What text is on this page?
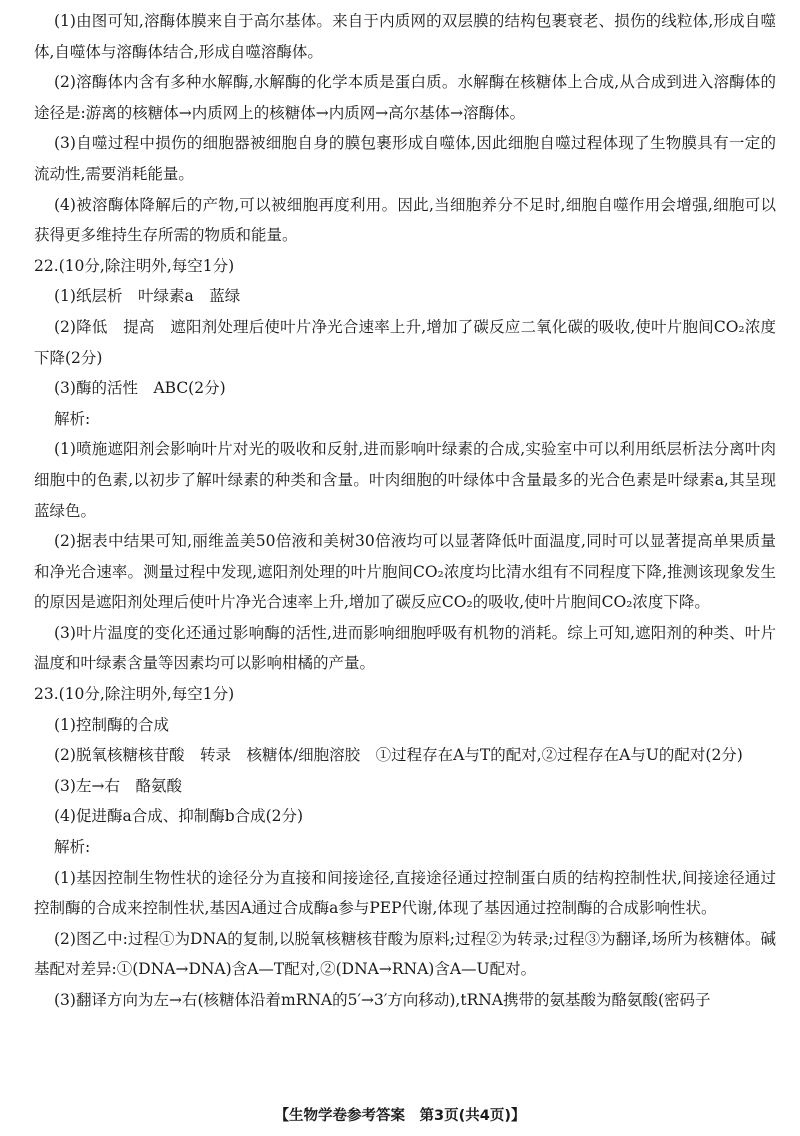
(1)由图可知,溶酶体膜来自于高尔基体。来自于内质网的双层膜的结构包裹衰老、损伤的线粒体,形成自噬体,自噬体与溶酶体结合,形成自噬溶酶体。

(2)溶酶体内含有多种水解酶,水解酶的化学本质是蛋白质。水解酶在核糖体上合成,从合成到进入溶酶体的途径是:游离的核糖体→内质网上的核糖体→内质网→高尔基体→溶酶体。

(3)自噬过程中损伤的细胞器被细胞自身的膜包裹形成自噬体,因此细胞自噬过程体现了生物膜具有一定的流动性,需要消耗能量。

(4)被溶酶体降解后的产物,可以被细胞再度利用。因此,当细胞养分不足时,细胞自噬作用会增强,细胞可以获得更多维持生存所需的物质和能量。

22.(10分,除注明外,每空1分)

(1)纸层析　叶绿素a　蓝绿

(2)降低　提高　遮阳剂处理后使叶片净光合速率上升,增加了碳反应二氧化碳的吸收,使叶片胞间CO₂浓度下降(2分)

(3)酶的活性　ABC(2分)

解析:

(1)喷施遮阳剂会影响叶片对光的吸收和反射,进而影响叶绿素的合成,实验室中可以利用纸层析法分离叶肉细胞中的色素,以初步了解叶绿素的种类和含量。叶肉细胞的叶绿体中含量最多的光合色素是叶绿素a,其呈现蓝绿色。

(2)据表中结果可知,丽维盖美50倍液和美树30倍液均可以显著降低叶面温度,同时可以显著提高单果质量和净光合速率。测量过程中发现,遮阳剂处理的叶片胞间CO₂浓度均比清水组有不同程度下降,推测该现象发生的原因是遮阳剂处理后使叶片净光合速率上升,增加了碳反应CO₂的吸收,使叶片胞间CO₂浓度下降。

(3)叶片温度的变化还通过影响酶的活性,进而影响细胞呼吸有机物的消耗。综上可知,遮阳剂的种类、叶片温度和叶绿素含量等因素均可以影响柑橘的产量。

23.(10分,除注明外,每空1分)

(1)控制酶的合成

(2)脱氧核糖核苷酸　转录　核糖体/细胞溶胶　①过程存在A与T的配对,②过程存在A与U的配对(2分)

(3)左→右　酪氨酸

(4)促进酶a合成、抑制酶b合成(2分)

解析:

(1)基因控制生物性状的途径分为直接和间接途径,直接途径通过控制蛋白质的结构控制性状,间接途径通过控制酶的合成来控制性状,基因A通过合成酶a参与PEP代谢,体现了基因通过控制酶的合成影响性状。

(2)图乙中:过程①为DNA的复制,以脱氧核糖核苷酸为原料;过程②为转录;过程③为翻译,场所为核糖体。碱基配对差异:①(DNA→DNA)含A—T配对,②(DNA→RNA)含A—U配对。

(3)翻译方向为左→右(核糖体沿着mRNA的5′→3′方向移动),tRNA携带的氨基酸为酪氨酸(密码子

【生物学卷参考答案　第3页(共4页)】
